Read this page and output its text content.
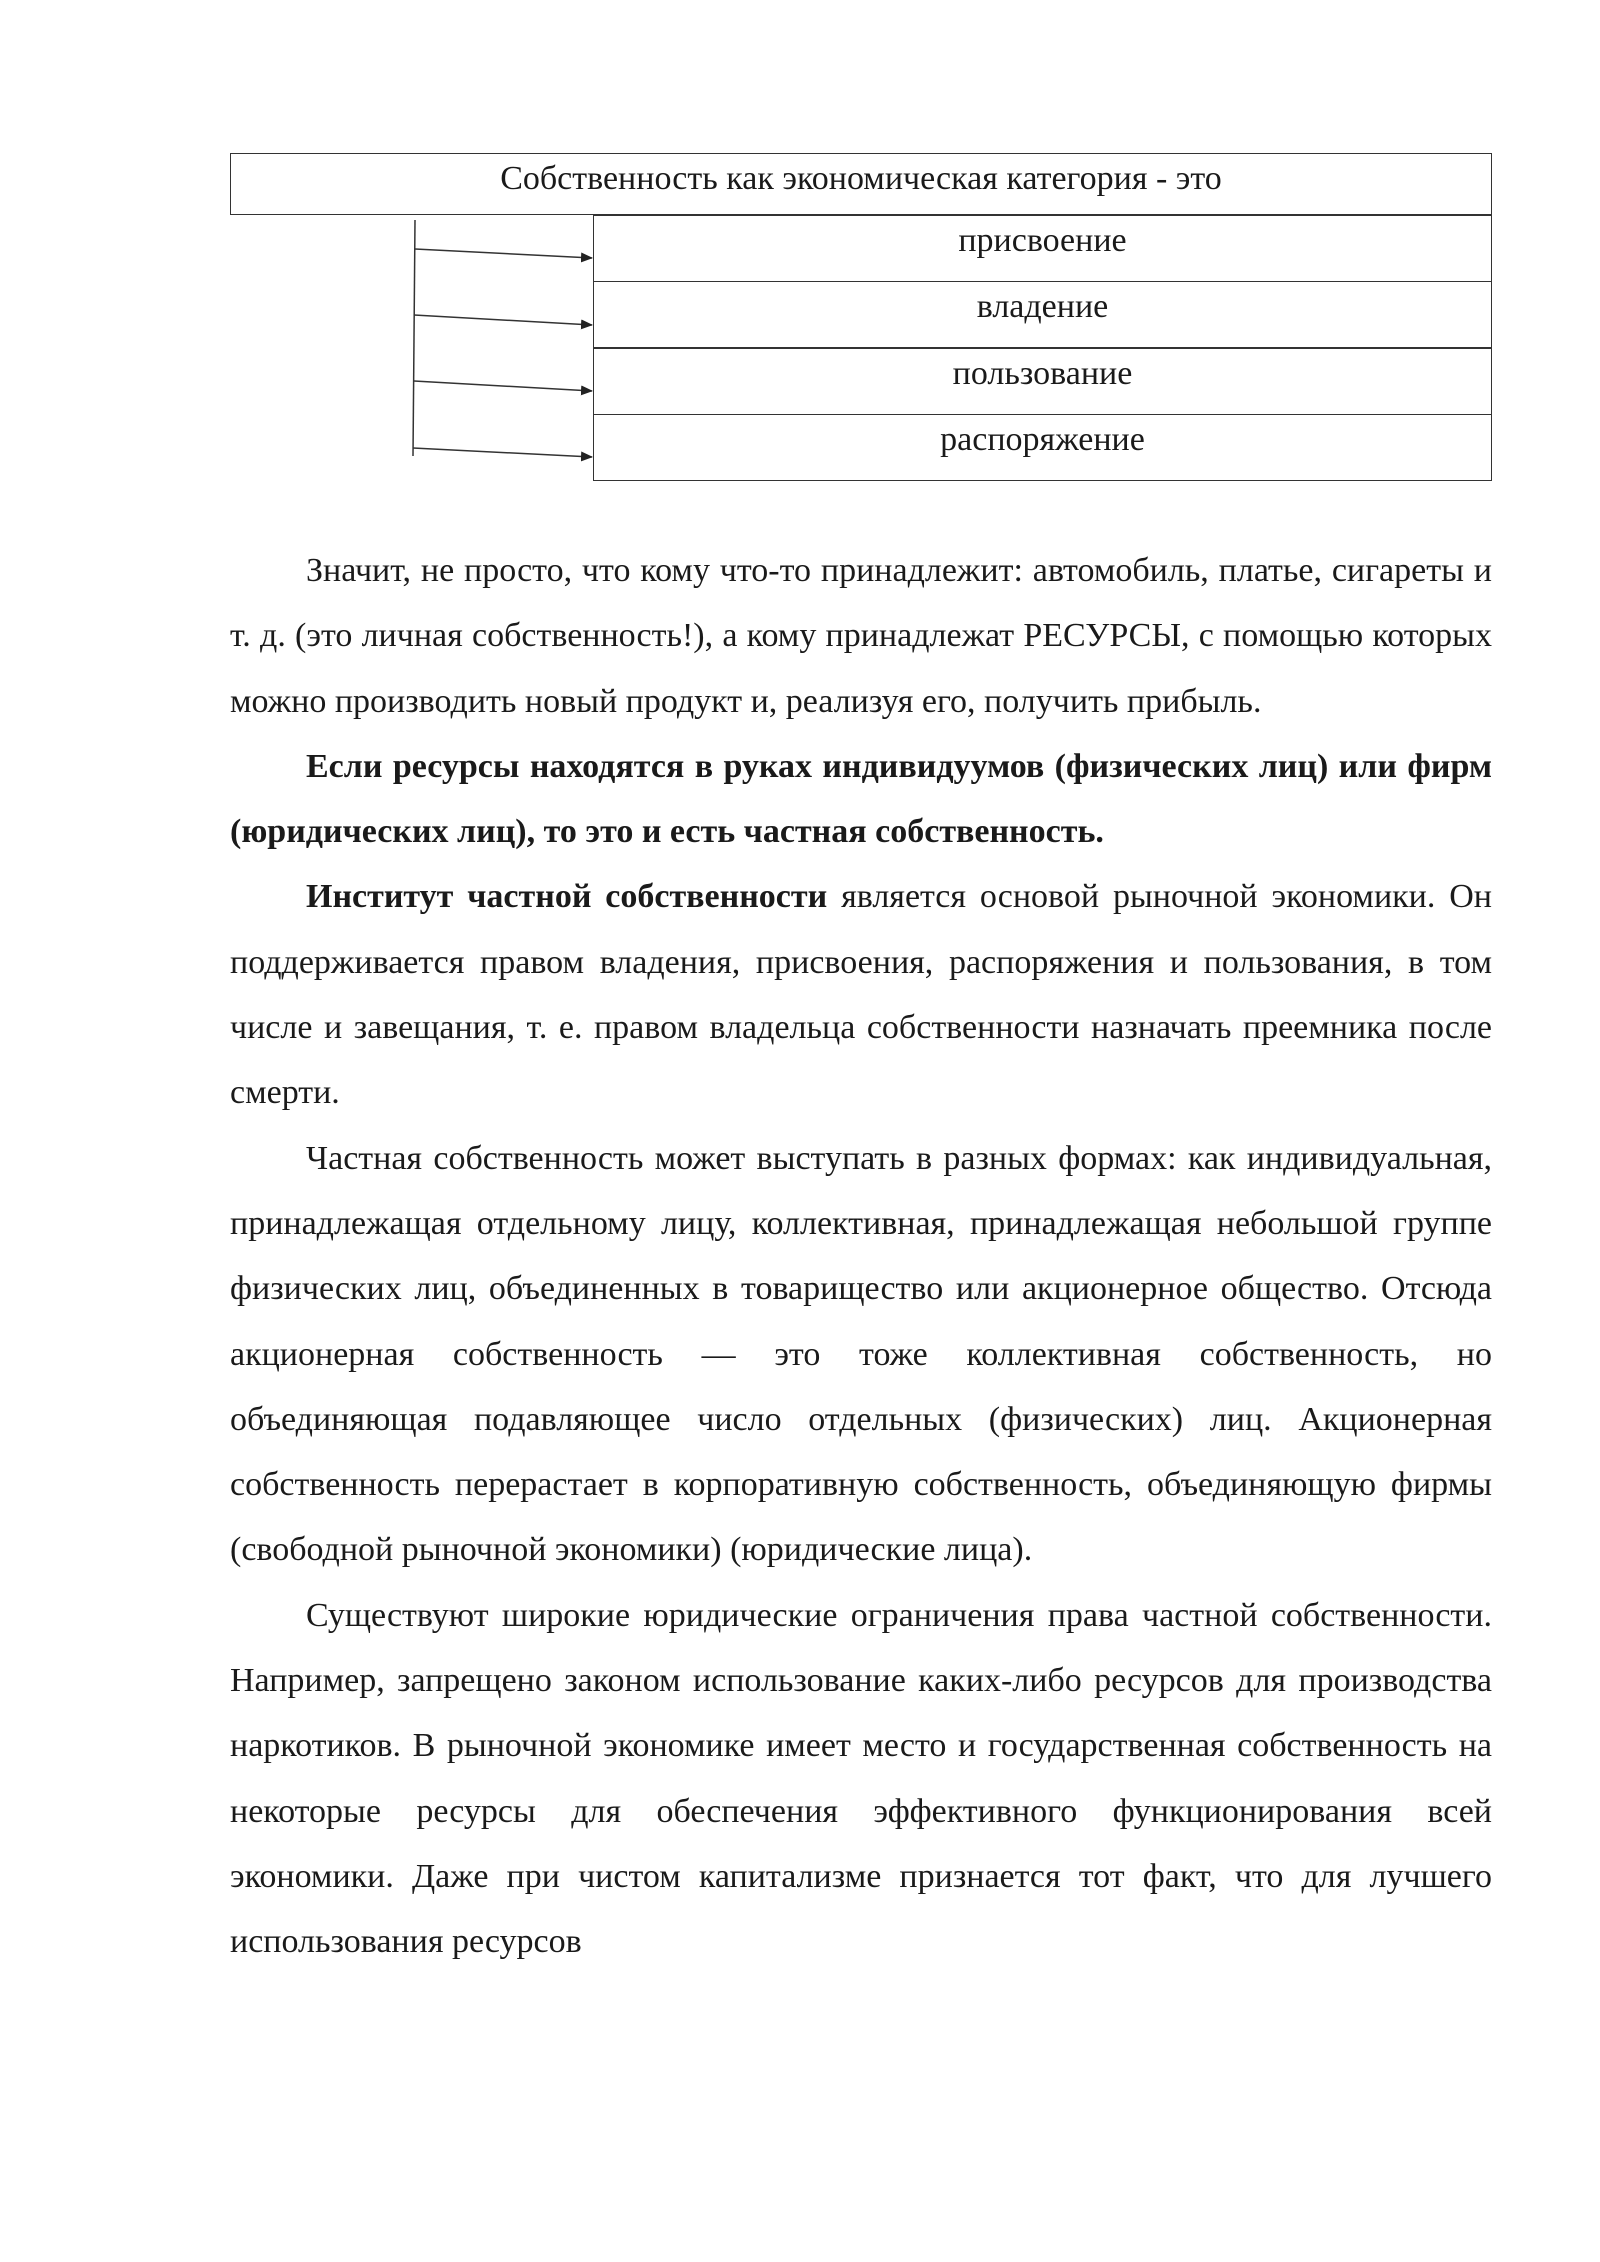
Собственность как экономическая категория - это
присвоение
владение
пользование
распоряжение

Значит, не просто, что кому что-то принадлежит: автомобиль, платье, сигареты и т. д. (это личная собственность!), а кому принадлежат РЕСУРСЫ, с помощью которых можно производить новый продукт и, реализуя его, получить прибыль.

Если ресурсы находятся в руках индивидуумов (физических лиц) или фирм (юридических лиц), то это и есть частная собственность.

Институт частной собственности является основой рыночной экономики. Он поддерживается правом владения, присвоения, распоряжения и пользования, в том числе и завещания, т. е. правом владельца собственности назначать преемника после смерти.

Частная собственность может выступать в разных формах: как индивидуальная, принадлежащая отдельному лицу, коллективная, принадлежащая небольшой группе физических лиц, объединенных в товарищество или акционерное общество. Отсюда акционерная собственность — это тоже коллективная собственность, но объединяющая подавляющее число отдельных (физических) лиц. Акционерная собственность перерастает в корпоративную собственность, объединяющую фирмы (свободной рыночной экономики) (юридические лица).

Существуют широкие юридические ограничения права частной собственности. Например, запрещено законом использование каких-либо ресурсов для производства наркотиков. В рыночной экономике имеет место и государственная собственность на некоторые ресурсы для обеспечения эффективного функционирования всей экономики. Даже при чистом капитализме признается тот факт, что для лучшего использования ресурсов
